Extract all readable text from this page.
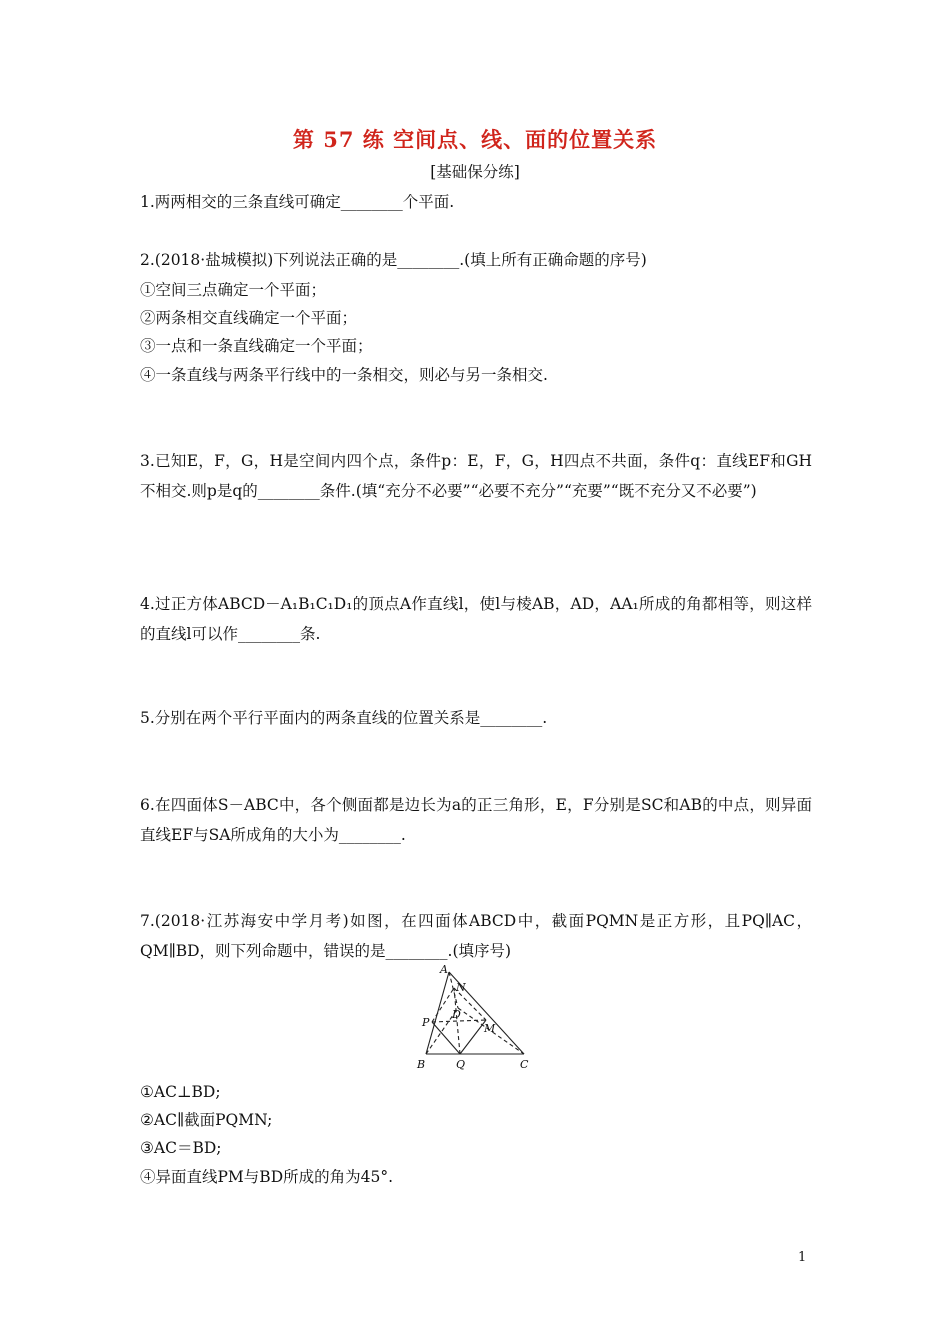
第 57 练 空间点、线、面的位置关系
[基础保分练]
1.两两相交的三条直线可确定________个平面.
2.(2018·盐城模拟)下列说法正确的是________.(填上所有正确命题的序号)
①空间三点确定一个平面；
②两条相交直线确定一个平面；
③一点和一条直线确定一个平面；
④一条直线与两条平行线中的一条相交，则必与另一条相交.
3.已知E，F，G，H是空间内四个点，条件p：E，F，G，H四点不共面，条件q：直线EF和GH不相交.则p是q的________条件.(填“充分不必要”“必要不充分”“充要”“既不充分又不必要”)
4.过正方体ABCD－A₁B₁C₁D₁的顶点A作直线l，使l与棱AB，AD，AA₁所成的角都相等，则这样的直线l可以作________条.
5.分别在两个平行平面内的两条直线的位置关系是________.
6.在四面体S－ABC中，各个侧面都是边长为a的正三角形，E，F分别是SC和AB的中点，则异面直线EF与SA所成角的大小为________.
7.(2018·江苏海安中学月考)如图，在四面体ABCD中，截面PQMN是正方形，且PQ∥AC，QM∥BD，则下列命题中，错误的是________.(填序号)
A
B	C
D
M
N
P
Q
①AC⊥BD;
②AC∥截面PQMN;
③AC＝BD;
④异面直线PM与BD所成的角为45°.
1
